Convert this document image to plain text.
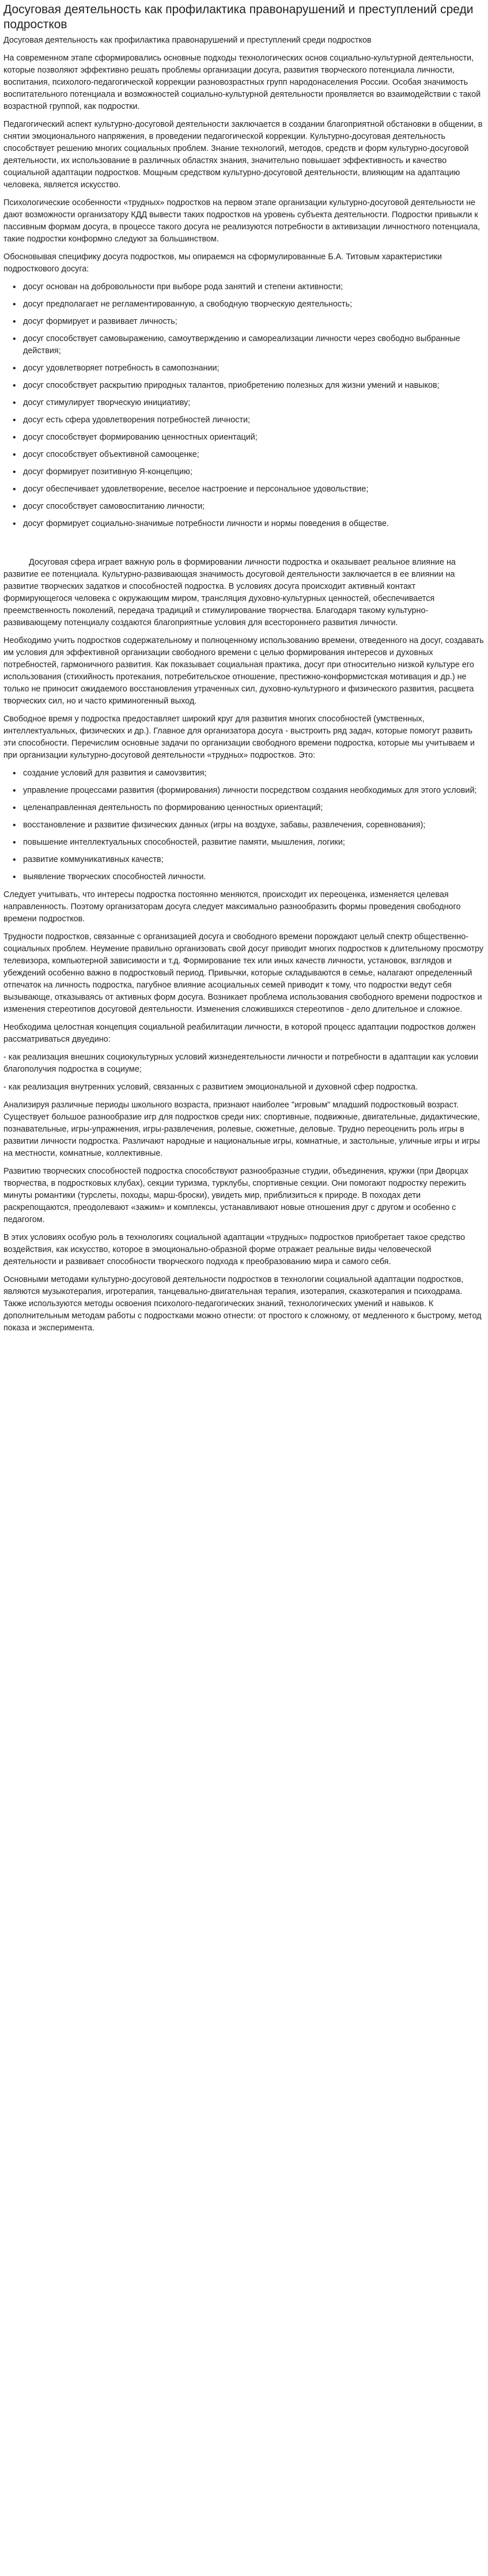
Досуговая деятельность как профилактика правонарушений и преступлений среди подростков

Досуговая деятельность как профилактика правонарушений и преступлений среди подростков

На современном этапе сформировались основные подходы технологических основ социально-культурной деятельности, которые позволяют эффективно решать проблемы организации досуга, развития творческого потенциала личности, воспитания, психолого-педагогической коррекции разновозрастных групп народонаселения России. Особая значимость воспитательного потенциала и возможностей социально-культурной деятельности проявляется во взаимодействии с такой возрастной группой, как подростки.

Педагогический аспект культурно-досуговой деятельности заключается в создании благоприятной обстановки в общении, в снятии эмоционального напряжения, в проведении педагогической коррекции. Культурно-досуговая деятельность способствует решению многих социальных проблем. Знание технологий, методов, средств и форм культурно-досуговой деятельности, их использование в различных областях знания, значительно повышает эффективность и качество социальной адаптации подростков. Мощным средством культурно-досуговой деятельности, влияющим на адаптацию человека, является искусство.

Психологические особенности «трудных» подростков на первом этапе организации культурно-досуговой деятельности не дают возможности организатору КДД вывести таких подростков на уровень субъекта деятельности. Подростки привыкли к пассивным формам досуга, в процессе такого досуга не реализуются потребности в активизации личностного потенциала, такие подростки конформно следуют за большинством.

Обосновывая специфику досуга подростков, мы опираемся на сформулированные Б.А. Титовым характеристики подросткового досуга:

• досуг основан на добровольности при выборе рода занятий и степени активности;
• досуг предполагает не регламентированную, а свободную творческую деятельность;
• досуг формирует и развивает личность;
• досуг способствует самовыражению, самоутверждению и самореализации личности через свободно выбранные действия;
• досуг удовлетворяет потребность в самопознании;
• досуг способствует раскрытию природных талантов, приобретению полезных для жизни умений и навыков;
• досуг стимулирует творческую инициативу;
• досуг есть сфера удовлетворения потребностей личности;
• досуг способствует формированию ценностных ориентаций;
• досуг способствует объективной самооценке;
• досуг формирует позитивную Я-концепцию;
• досуг обеспечивает удовлетворение, веселое настроение и персональное удовольствие;
• досуг способствует самовоспитанию личности;
• досуг формирует социально-значимые потребности личности и нормы поведения в обществе.

Досуговая сфера играет важную роль в формировании личности подростка и оказывает реальное влияние на развитие ее потенциала. Культурно-развивающая значимость досуговой деятельности заключается в ее влиянии на развитие творческих задатков и способностей подростка. В условиях досуга происходит активный контакт формирующегося человека с окружающим миром, трансляция духовно-культурных ценностей, обеспечивается преемственность поколений, передача традиций и стимулирование творчества. Благодаря такому культурно-развивающему потенциалу создаются благоприятные условия для всестороннего развития личности.

Необходимо учить подростков содержательному и полноценному использованию времени, отведенного на досуг, создавать им условия для эффективной организации свободного времени с целью формирования интересов и духовных потребностей, гармоничного развития. Как показывает социальная практика, досуг при относительно низкой культуре его использования (стихийность протекания, потребительское отношение, престижно-конформистская мотивация и др.) не только не приносит ожидаемого восстановления утраченных сил, духовно-культурного и физического развития, расцвета творческих сил, но и часто криминогенный выход.

Свободное время у подростка предоставляет широкий круг для развития многих способностей (умственных, интеллектуальных, физических и др.). Главное для организатора досуга - выстроить ряд задач, которые помогут развить эти способности. Перечислим основные задачи по организации свободного времени подростка, которые мы учитываем и при организации культурно-досуговой деятельности «трудных» подростков. Это:

• создание условий для развития и самоvзвития;
• управление процессами развития (формирования) личности посредством создания необходимых для этого условий;
• целенаправленная деятельность по формированию ценностных ориентаций;
• восстановление и развитие физических данных (игры на воздухе, забавы, развлечения, соревнования);
• повышение интеллектуальных способностей, развитие памяти, мышления, логики;
• развитие коммуникативных качеств;
• выявление творческих способностей личности.

Следует учитывать, что интересы подростка постоянно меняются, происходит их переоценка, изменяется целевая направленность. Поэтому организаторам досуга следует максимально разнообразить формы проведения свободного времени подростков.

Трудности подростков, связанные с организацией досуга и свободного времени порождают целый спектр общественно-социальных проблем. Неумение правильно организовать свой досуг приводит многих подростков к длительному просмотру телевизора, компьютерной зависимости и т.д. Формирование тех или иных качеств личности, установок, взглядов и убеждений особенно важно в подростковый период. Привычки, которые складываются в семье, налагают определенный отпечаток на личность подростка, пагубное влияние асоциальных семей приводит к тому, что подростки ведут себя вызывающе, отказываясь от активных форм досуга. Возникает проблема использования свободного времени подростков и изменения стереотипов досуговой деятельности. Изменения сложившихся стереотипов - дело длительное и сложное.

Необходима целостная концепция социальной реабилитации личности, в которой процесс адаптации подростков должен рассматриваться двуедино:

- как реализация внешних социокультурных условий жизнедеятельности личности и потребности в адаптации как условии благополучия подростка в социуме;

- как реализация внутренних условий, связанных с развитием эмоциональной и духовной сфер подростка.

Анализируя различные периоды школьного возраста, признают наиболее "игровым" младший подростковый возраст. Существует большое разнообразие игр для подростков среди них: спортивные, подвижные, двигательные, дидактические, познавательные, игры-упражнения, игры-развлечения, ролевые, сюжетные, деловые. Трудно переоценить роль игры в развитии личности подростка. Различают народные и национальные игры, комнатные, и застольные, уличные игры и игры на местности, комнатные, коллективные.

Развитию творческих способностей подростка способствуют разнообразные студии, объединения, кружки (при Дворцах творчества, в подростковых клубах), секции туризма, турклубы, спортивные секции. Они помогают подростку пережить минуты романтики (турслеты, походы, марш-броски), увидеть мир, приблизиться к природе. В походах дети раскрепощаются, преодолевают «зажим» и комплексы, устанавливают новые отношения друг с другом и особенно с педагогом.

В этих условиях особую роль в технологиях социальной адаптации «трудных» подростков приобретает такое средство воздействия, как искусство, которое в эмоционально-образной форме отражает реальные виды человеческой деятельности и развивает способности творческого подхода к преобразованию мира и самого себя.

Основными методами культурно-досуговой деятельности подростков в технологии социальной адаптации подростков, являются музыкотерапия, игротерапия, танцевально-двигательная терапия, изотерапия, сказкотерапия и психодрама. Также используются методы освоения психолого-педагогических знаний, технологических умений и навыков. К дополнительным методам работы с подростками можно отнести: от простого к сложному, от медленного к быстрому, метод показа и эксперимента.
